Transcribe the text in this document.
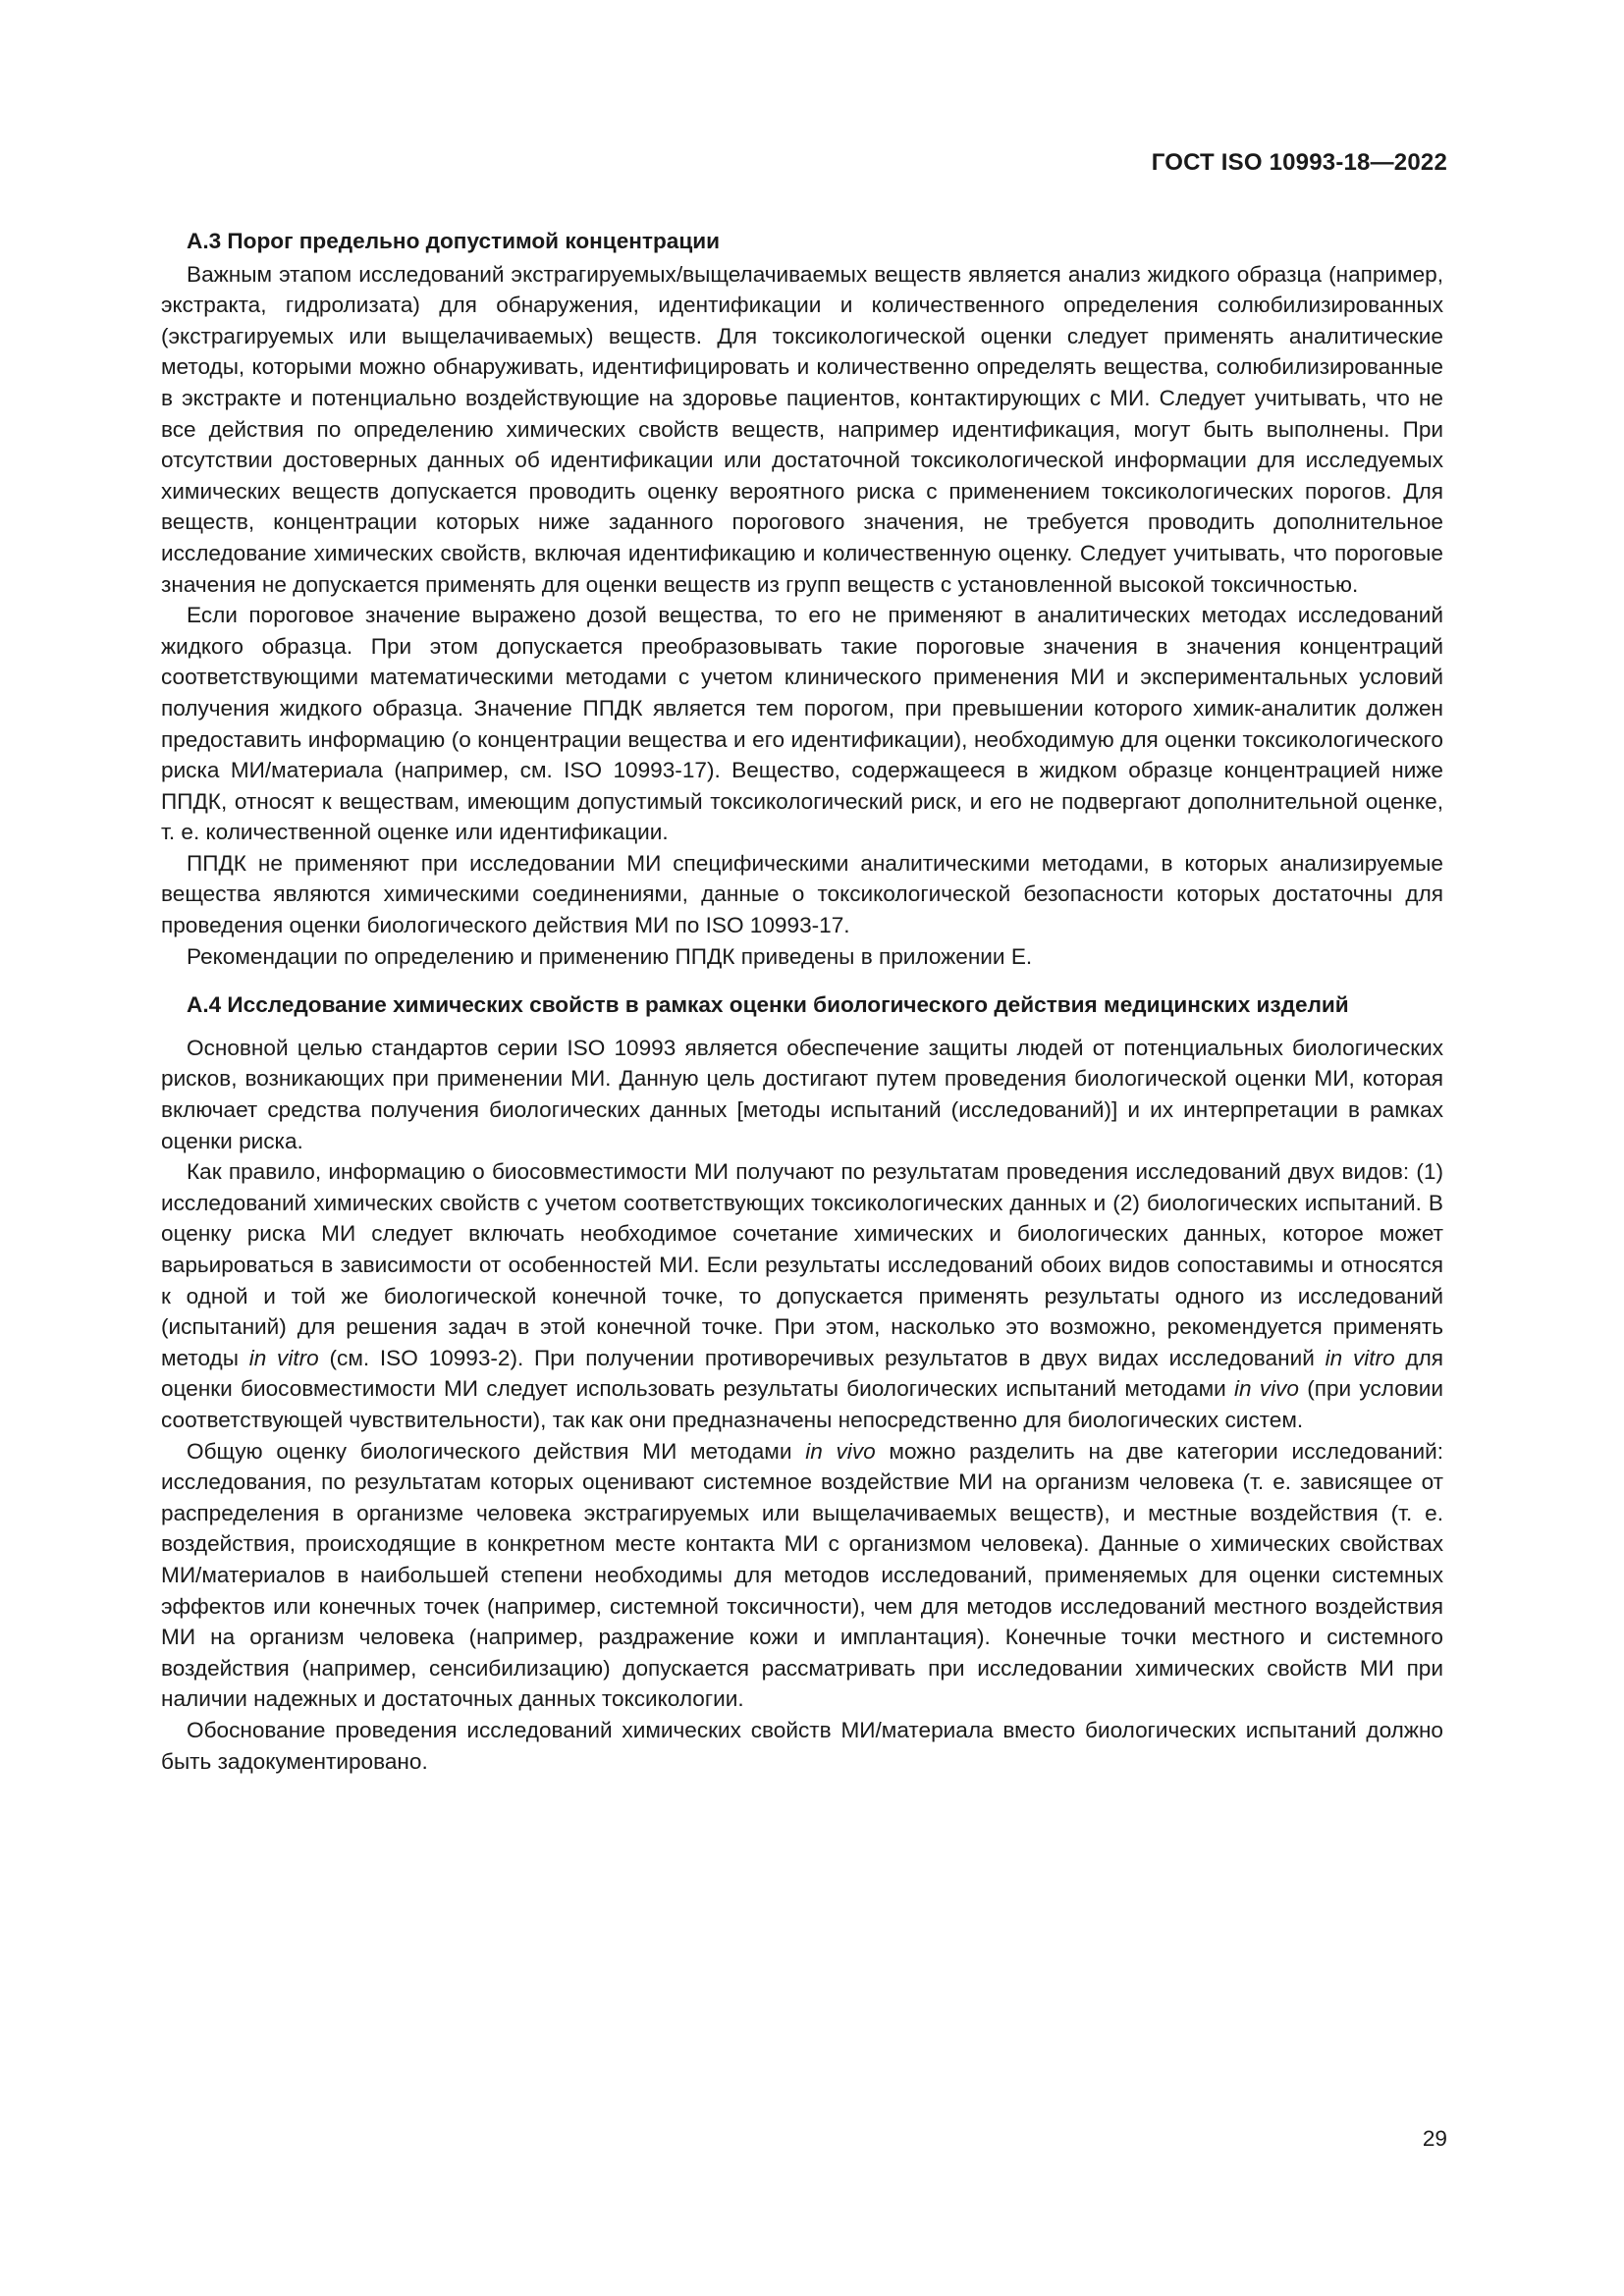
ГОСТ ISO 10993-18—2022

А.3 Порог предельно допустимой концентрации

Важным этапом исследований экстрагируемых/выщелачиваемых веществ является анализ жидкого образца (например, экстракта, гидролизата) для обнаружения, идентификации и количественного определения солюбилизированных (экстрагируемых или выщелачиваемых) веществ. Для токсикологической оценки следует применять аналитические методы, которыми можно обнаруживать, идентифицировать и количественно определять вещества, солюбилизированные в экстракте и потенциально воздействующие на здоровье пациентов, контактирующих с МИ. Следует учитывать, что не все действия по определению химических свойств веществ, например идентификация, могут быть выполнены. При отсутствии достоверных данных об идентификации или достаточной токсикологической информации для исследуемых химических веществ допускается проводить оценку вероятного риска с применением токсикологических порогов. Для веществ, концентрации которых ниже заданного порогового значения, не требуется проводить дополнительное исследование химических свойств, включая идентификацию и количественную оценку. Следует учитывать, что пороговые значения не допускается применять для оценки веществ из групп веществ с установленной высокой токсичностью.

Если пороговое значение выражено дозой вещества, то его не применяют в аналитических методах исследований жидкого образца. При этом допускается преобразовывать такие пороговые значения в значения концентраций соответствующими математическими методами с учетом клинического применения МИ и экспериментальных условий получения жидкого образца. Значение ППДК является тем порогом, при превышении которого химик-аналитик должен предоставить информацию (о концентрации вещества и его идентификации), необходимую для оценки токсикологического риска МИ/материала (например, см. ISO 10993-17). Вещество, содержащееся в жидком образце концентрацией ниже ППДК, относят к веществам, имеющим допустимый токсикологический риск, и его не подвергают дополнительной оценке, т. е. количественной оценке или идентификации.

ППДК не применяют при исследовании МИ специфическими аналитическими методами, в которых анализируемые вещества являются химическими соединениями, данные о токсикологической безопасности которых достаточны для проведения оценки биологического действия МИ по ISO 10993-17.

Рекомендации по определению и применению ППДК приведены в приложении Е.

А.4 Исследование химических свойств в рамках оценки биологического действия медицинских изделий

Основной целью стандартов серии ISO 10993 является обеспечение защиты людей от потенциальных биологических рисков, возникающих при применении МИ. Данную цель достигают путем проведения биологической оценки МИ, которая включает средства получения биологических данных [методы испытаний (исследований)] и их интерпретации в рамках оценки риска.

Как правило, информацию о биосовместимости МИ получают по результатам проведения исследований двух видов: (1) исследований химических свойств с учетом соответствующих токсикологических данных и (2) биологических испытаний. В оценку риска МИ следует включать необходимое сочетание химических и биологических данных, которое может варьироваться в зависимости от особенностей МИ. Если результаты исследований обоих видов сопоставимы и относятся к одной и той же биологической конечной точке, то допускается применять результаты одного из исследований (испытаний) для решения задач в этой конечной точке. При этом, насколько это возможно, рекомендуется применять методы in vitro (см. ISO 10993-2). При получении противоречивых результатов в двух видах исследований in vitro для оценки биосовместимости МИ следует использовать результаты биологических испытаний методами in vivo (при условии соответствующей чувствительности), так как они предназначены непосредственно для биологических систем.

Общую оценку биологического действия МИ методами in vivo можно разделить на две категории исследований: исследования, по результатам которых оценивают системное воздействие МИ на организм человека (т. е. зависящее от распределения в организме человека экстрагируемых или выщелачиваемых веществ), и местные воздействия (т. е. воздействия, происходящие в конкретном месте контакта МИ с организмом человека). Данные о химических свойствах МИ/материалов в наибольшей степени необходимы для методов исследований, применяемых для оценки системных эффектов или конечных точек (например, системной токсичности), чем для методов исследований местного воздействия МИ на организм человека (например, раздражение кожи и имплантация). Конечные точки местного и системного воздействия (например, сенсибилизацию) допускается рассматривать при исследовании химических свойств МИ при наличии надежных и достаточных данных токсикологии.

Обоснование проведения исследований химических свойств МИ/материала вместо биологических испытаний должно быть задокументировано.

29
